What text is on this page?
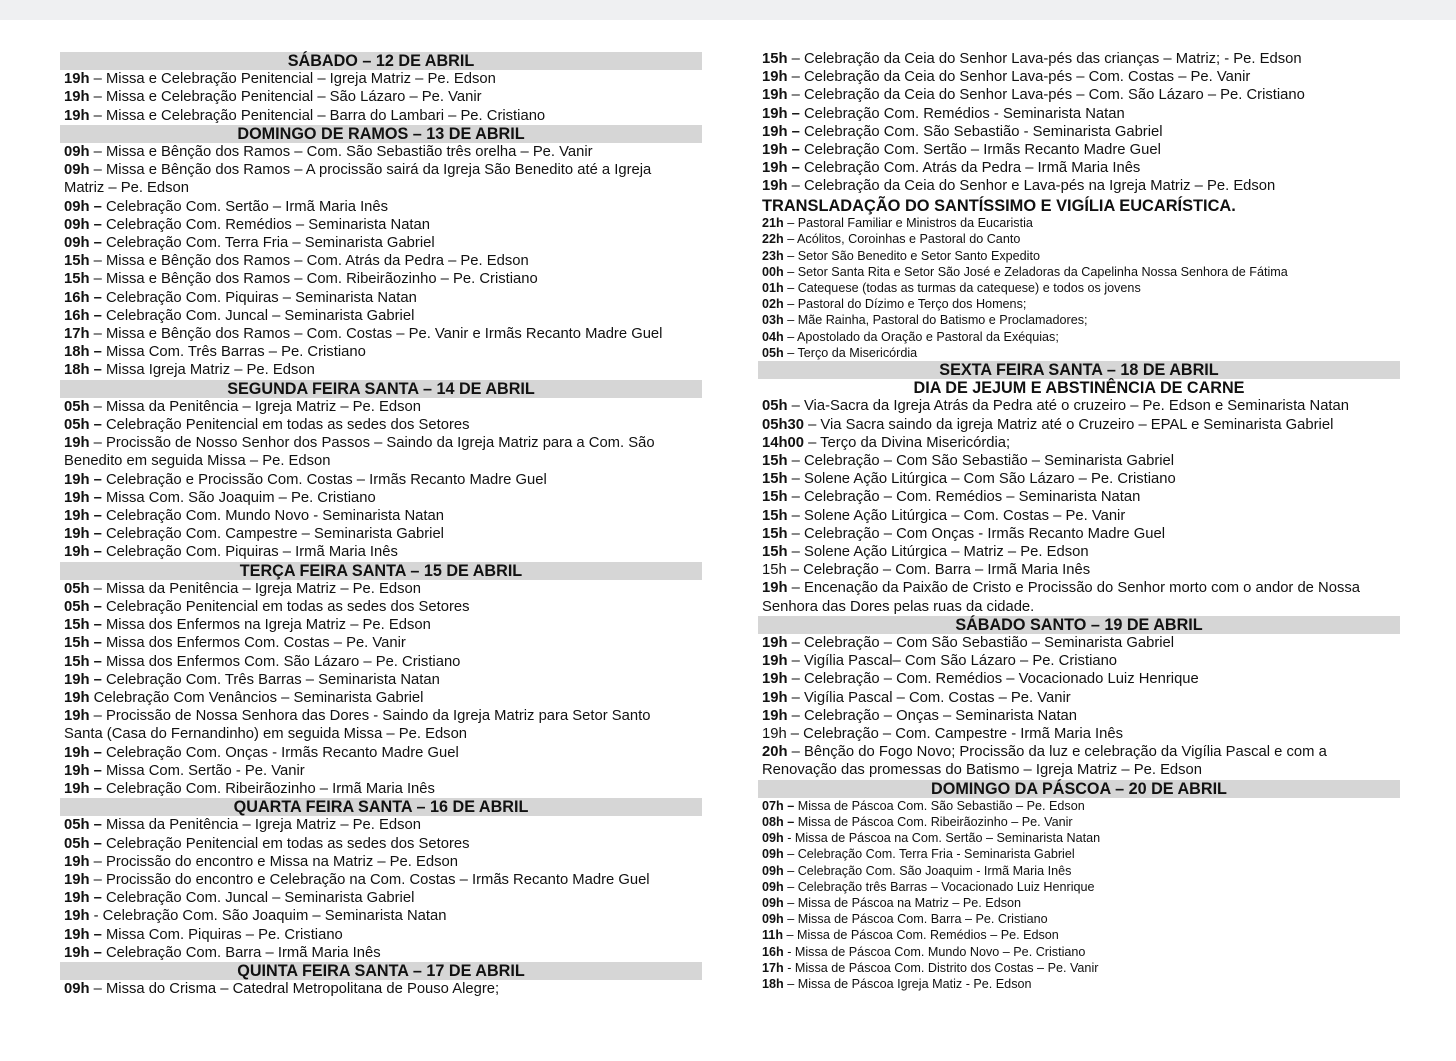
SÁBADO – 12 DE ABRIL
19h – Missa e Celebração Penitencial – Igreja Matriz – Pe. Edson
19h – Missa e Celebração Penitencial – São Lázaro – Pe. Vanir
19h – Missa e Celebração Penitencial – Barra do Lambari – Pe. Cristiano
DOMINGO DE RAMOS – 13 DE ABRIL
09h – Missa e Bênção dos Ramos – Com. São Sebastião três orelha – Pe. Vanir
09h – Missa e Bênção dos Ramos – A procissão sairá da Igreja São Benedito até a Igreja
Matriz – Pe. Edson
09h – Celebração Com. Sertão – Irmã Maria Inês
09h – Celebração Com. Remédios – Seminarista Natan
09h – Celebração Com. Terra Fria – Seminarista Gabriel
15h – Missa e Bênção dos Ramos – Com. Atrás da Pedra – Pe. Edson
15h – Missa e Bênção dos Ramos – Com. Ribeirãozinho – Pe. Cristiano
16h – Celebração Com. Piquiras – Seminarista Natan
16h – Celebração Com. Juncal – Seminarista Gabriel
17h – Missa e Bênção dos Ramos – Com. Costas – Pe. Vanir e Irmãs Recanto Madre Guel
18h – Missa Com. Três Barras – Pe. Cristiano
18h – Missa Igreja Matriz – Pe. Edson
SEGUNDA FEIRA SANTA – 14 DE ABRIL
05h – Missa da Penitência – Igreja Matriz – Pe. Edson
05h – Celebração Penitencial em todas as sedes dos Setores
19h – Procissão de Nosso Senhor dos Passos – Saindo da Igreja Matriz para a Com. São
Benedito em seguida Missa – Pe. Edson
19h – Celebração e Procissão Com. Costas – Irmãs Recanto Madre Guel
19h – Missa Com. São Joaquim – Pe. Cristiano
19h – Celebração Com. Mundo Novo - Seminarista Natan
19h – Celebração Com. Campestre – Seminarista Gabriel
19h – Celebração Com. Piquiras – Irmã Maria Inês
TERÇA FEIRA SANTA – 15 DE ABRIL
05h – Missa da Penitência – Igreja Matriz – Pe. Edson
05h – Celebração Penitencial em todas as sedes dos Setores
15h – Missa dos Enfermos na Igreja Matriz – Pe. Edson
15h – Missa dos Enfermos Com. Costas – Pe. Vanir
15h – Missa dos Enfermos Com. São Lázaro – Pe. Cristiano
19h – Celebração Com. Três Barras – Seminarista Natan
19h Celebração Com Venâncios – Seminarista Gabriel
19h – Procissão de Nossa Senhora das Dores - Saindo da Igreja Matriz para Setor Santo
Santa (Casa do Fernandinho) em seguida Missa – Pe. Edson
19h – Celebração Com. Onças - Irmãs Recanto Madre Guel
19h – Missa Com. Sertão - Pe. Vanir
19h – Celebração Com. Ribeirãozinho – Irmã Maria Inês
QUARTA FEIRA SANTA – 16 DE ABRIL
05h – Missa da Penitência – Igreja Matriz – Pe. Edson
05h – Celebração Penitencial em todas as sedes dos Setores
19h – Procissão do encontro e Missa na Matriz – Pe. Edson
19h – Procissão do encontro e Celebração na Com. Costas – Irmãs Recanto Madre Guel
19h – Celebração Com. Juncal – Seminarista Gabriel
19h - Celebração Com. São Joaquim – Seminarista Natan
19h – Missa Com. Piquiras – Pe. Cristiano
19h – Celebração Com. Barra – Irmã Maria Inês
QUINTA FEIRA SANTA – 17 DE ABRIL
09h – Missa do Crisma – Catedral Metropolitana de Pouso Alegre;
15h – Celebração da Ceia do Senhor Lava-pés das crianças – Matriz; - Pe. Edson
19h – Celebração da Ceia do Senhor Lava-pés – Com. Costas – Pe. Vanir
19h – Celebração da Ceia do Senhor Lava-pés – Com. São Lázaro – Pe. Cristiano
19h – Celebração Com. Remédios - Seminarista Natan
19h – Celebração Com. São Sebastião - Seminarista Gabriel
19h – Celebração Com. Sertão – Irmãs Recanto Madre Guel
19h – Celebração Com. Atrás da Pedra – Irmã Maria Inês
19h – Celebração da Ceia do Senhor e Lava-pés na Igreja Matriz – Pe. Edson
TRANSLADAÇÃO DO SANTÍSSIMO E VIGÍLIA EUCARÍSTICA.
21h – Pastoral Familiar e Ministros da Eucaristia
22h – Acólitos, Coroinhas e Pastoral do Canto
23h – Setor São Benedito e Setor Santo Expedito
00h – Setor Santa Rita e Setor São José e Zeladoras da Capelinha Nossa Senhora de Fátima
01h – Catequese (todas as turmas da catequese) e todos os jovens
02h – Pastoral do Dízimo e Terço dos Homens;
03h – Mãe Rainha, Pastoral do Batismo e Proclamadores;
04h – Apostolado da Oração e Pastoral da Exéquias;
05h – Terço da Misericórdia
SEXTA FEIRA SANTA – 18 DE ABRIL
DIA DE JEJUM E ABSTINÊNCIA DE CARNE
05h – Via-Sacra da Igreja Atrás da Pedra até o cruzeiro – Pe. Edson e Seminarista Natan
05h30 – Via Sacra saindo da igreja Matriz até o Cruzeiro – EPAL e Seminarista Gabriel
14h00 – Terço da Divina Misericórdia;
15h – Celebração – Com São Sebastião – Seminarista Gabriel
15h – Solene Ação Litúrgica – Com São Lázaro – Pe. Cristiano
15h – Celebração – Com. Remédios – Seminarista Natan
15h – Solene Ação Litúrgica – Com. Costas – Pe. Vanir
15h – Celebração – Com Onças - Irmãs Recanto Madre Guel
15h – Solene Ação Litúrgica – Matriz – Pe. Edson
15h – Celebração – Com. Barra – Irmã Maria Inês
19h – Encenação da Paixão de Cristo e Procissão do Senhor morto com o andor de Nossa
Senhora das Dores pelas ruas da cidade.
SÁBADO SANTO – 19 DE ABRIL
19h – Celebração – Com São Sebastião – Seminarista Gabriel
19h – Vigília Pascal– Com São Lázaro – Pe. Cristiano
19h – Celebração – Com. Remédios – Vocacionado Luiz Henrique
19h – Vigília Pascal – Com. Costas – Pe. Vanir
19h – Celebração – Onças – Seminarista Natan
19h – Celebração – Com. Campestre - Irmã Maria Inês
20h – Bênção do Fogo Novo; Procissão da luz e celebração da Vigília Pascal e com a
Renovação das promessas do Batismo – Igreja Matriz – Pe. Edson
DOMINGO DA PÁSCOA – 20 DE ABRIL
07h – Missa de Páscoa Com. São Sebastião – Pe. Edson
08h – Missa de Páscoa Com. Ribeirãozinho – Pe. Vanir
09h - Missa de Páscoa na Com. Sertão – Seminarista Natan
09h – Celebração Com. Terra Fria - Seminarista Gabriel
09h – Celebração Com. São Joaquim - Irmã Maria Inês
09h – Celebração três Barras – Vocacionado Luiz Henrique
09h – Missa de Páscoa na Matriz – Pe. Edson
09h – Missa de Páscoa Com. Barra – Pe. Cristiano
11h – Missa de Páscoa Com. Remédios – Pe. Edson
16h - Missa de Páscoa Com. Mundo Novo – Pe. Cristiano
17h - Missa de Páscoa Com. Distrito dos Costas – Pe. Vanir
18h – Missa de Páscoa Igreja Matiz - Pe. Edson
